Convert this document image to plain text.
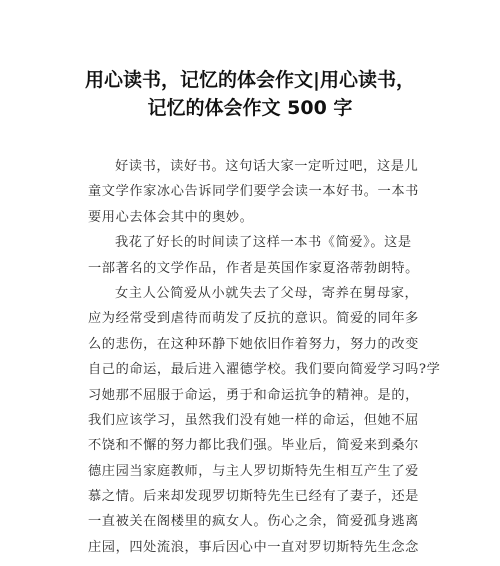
用心读书，记忆的体会作文|用心读书，
记忆的体会作文 500 字
好读书，读好书。这句话大家一定听过吧，这是儿
童文学作家冰心告诉同学们要学会读一本好书。一本书
要用心去体会其中的奥妙。
我花了好长的时间读了这样一本书《简爱》。这是
一部著名的文学作品，作者是英国作家夏洛蒂勃朗特。
女主人公简爱从小就失去了父母，寄养在舅母家，
应为经常受到虐待而萌发了反抗的意识。简爱的同年多
么的悲伤，在这种环静下她依旧作着努力，努力的改变
自己的命运，最后进入濯德学校。我们要向简爱学习吗?学
习她那不屈服于命运，勇于和命运抗争的精神。是的，
我们应该学习，虽然我们没有她一样的命运，但她不屈
不饶和不懈的努力都比我们强。毕业后，简爱来到桑尔
德庄园当家庭教师，与主人罗切斯特先生相互产生了爱
慕之情。后来却发现罗切斯特先生已经有了妻子，还是
一直被关在阁楼里的疯女人。伤心之余，简爱孤身逃离
庄园，四处流浪，事后因心中一直对罗切斯特先生念念
